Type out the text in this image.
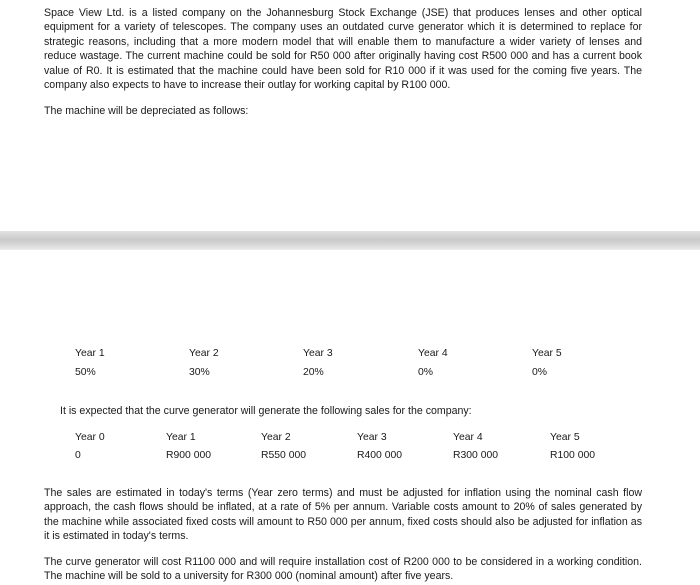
Space View Ltd. is a listed company on the Johannesburg Stock Exchange (JSE) that produces lenses and other optical equipment for a variety of telescopes. The company uses an outdated curve generator which it is determined to replace for strategic reasons, including that a more modern model that will enable them to manufacture a wider variety of lenses and reduce wastage. The current machine could be sold for R50 000 after originally having cost R500 000 and has a current book value of R0. It is estimated that the machine could have been sold for R10 000 if it was used for the coming five years. The company also expects to have to increase their outlay for working capital by R100 000.

The machine will be depreciated as follows:

Year 1	Year 2	Year 3	Year 4	Year 5
50%	30%	20%	0%	0%

It is expected that the curve generator will generate the following sales for the company:

Year 0	Year 1	Year 2	Year 3	Year 4	Year 5
0	R900 000	R550 000	R400 000	R300 000	R100 000

The sales are estimated in today's terms (Year zero terms) and must be adjusted for inflation using the nominal cash flow approach, the cash flows should be inflated, at a rate of 5% per annum. Variable costs amount to 20% of sales generated by the machine while associated fixed costs will amount to R50 000 per annum, fixed costs should also be adjusted for inflation as it is estimated in today's terms.

The curve generator will cost R1100 000 and will require installation cost of R200 000 to be considered in a working condition. The machine will be sold to a university for R300 000 (nominal amount) after five years.
